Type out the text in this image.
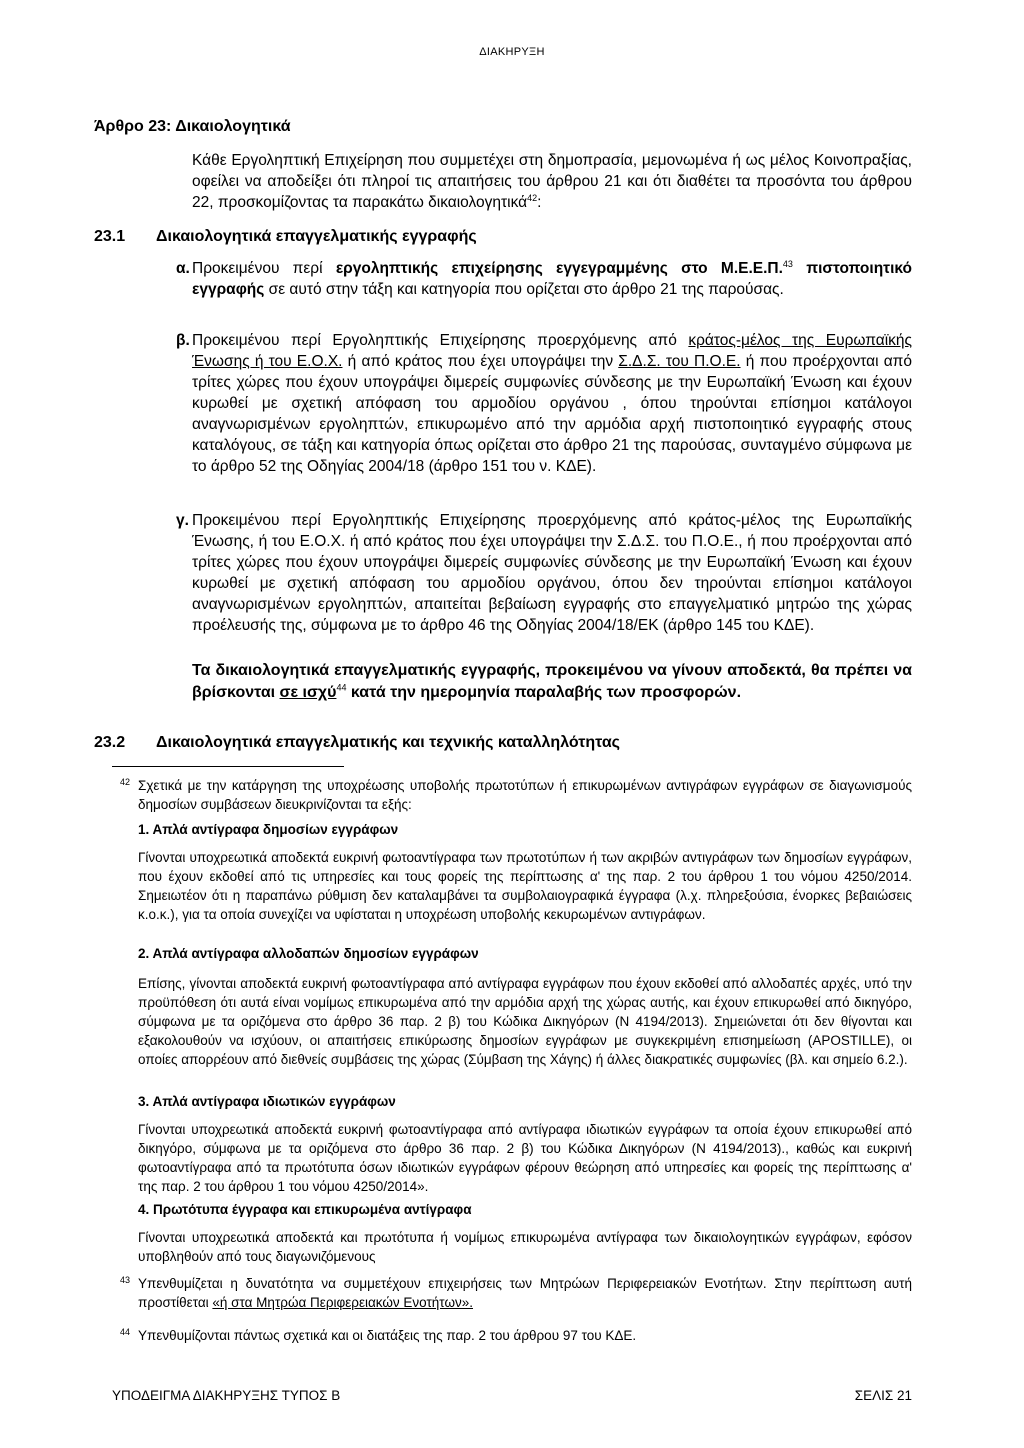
ΔΙΑΚΗΡΥΞΗ
Άρθρο 23: Δικαιολογητικά
Κάθε Εργοληπτική Επιχείρηση που συμμετέχει στη δημοπρασία, μεμονωμένα ή ως μέλος Κοινοπραξίας, οφείλει να αποδείξει ότι πληροί τις απαιτήσεις του άρθρου 21 και ότι διαθέτει τα προσόντα του άρθρου 22, προσκομίζοντας τα παρακάτω δικαιολογητικά$^{42}$:
23.1 Δικαιολογητικά επαγγελματικής εγγραφής
α. Προκειμένου περί εργοληπτικής επιχείρησης εγγεγραμμένης στο Μ.Ε.Ε.Π.$^{43}$ πιστοποιητικό εγγραφής σε αυτό στην τάξη και κατηγορία που ορίζεται στο άρθρο 21 της παρούσας.
β. Προκειμένου περί Εργοληπτικής Επιχείρησης προερχόμενης από κράτος-μέλος της Ευρωπαϊκής Ένωσης ή του Ε.Ο.Χ. ή από κράτος που έχει υπογράψει την Σ.Δ.Σ. του Π.Ο.Ε. ή που προέρχονται από τρίτες χώρες που έχουν υπογράψει διμερείς συμφωνίες σύνδεσης με την Ευρωπαϊκή Ένωση και έχουν κυρωθεί με σχετική απόφαση του αρμοδίου οργάνου , όπου τηρούνται επίσημοι κατάλογοι αναγνωρισμένων εργοληπτών, επικυρωμένο από την αρμόδια αρχή πιστοποιητικό εγγραφής στους καταλόγους, σε τάξη και κατηγορία όπως ορίζεται στο άρθρο 21 της παρούσας, συνταγμένο σύμφωνα με το άρθρο 52 της Οδηγίας 2004/18 (άρθρο 151 του ν. ΚΔΕ).
γ. Προκειμένου περί Εργοληπτικής Επιχείρησης προερχόμενης από κράτος-μέλος της Ευρωπαϊκής Ένωσης, ή του Ε.Ο.Χ. ή από κράτος που έχει υπογράψει την Σ.Δ.Σ. του Π.Ο.Ε., ή που προέρχονται από τρίτες χώρες που έχουν υπογράψει διμερείς συμφωνίες σύνδεσης με την Ευρωπαϊκή Ένωση και έχουν κυρωθεί με σχετική απόφαση του αρμοδίου οργάνου, όπου δεν τηρούνται επίσημοι κατάλογοι αναγνωρισμένων εργοληπτών, απαιτείται βεβαίωση εγγραφής στο επαγγελματικό μητρώο της χώρας προέλευσής της, σύμφωνα με το άρθρο 46 της Οδηγίας 2004/18/ΕΚ (άρθρο 145 του ΚΔΕ).
Τα δικαιολογητικά επαγγελματικής εγγραφής, προκειμένου να γίνουν αποδεκτά, θα πρέπει να βρίσκονται σε ισχύ$^{44}$ κατά την ημερομηνία παραλαβής των προσφορών.
23.2 Δικαιολογητικά επαγγελματικής και τεχνικής καταλληλότητας
42 Σχετικά με την κατάργηση της υποχρέωσης υποβολής πρωτοτύπων ή επικυρωμένων αντιγράφων εγγράφων σε διαγωνισμούς δημοσίων συμβάσεων διευκρινίζονται τα εξής:
1. Απλά αντίγραφα δημοσίων εγγράφων
Γίνονται υποχρεωτικά αποδεκτά ευκρινή φωτοαντίγραφα των πρωτοτύπων ή των ακριβών αντιγράφων των δημοσίων εγγράφων, που έχουν εκδοθεί από τις υπηρεσίες και τους φορείς της περίπτωσης α' της παρ. 2 του άρθρου 1 του νόμου 4250/2014. Σημειωτέον ότι η παραπάνω ρύθμιση δεν καταλαμβάνει τα συμβολαιογραφικά έγγραφα (λ.χ. πληρεξούσια, ένορκες βεβαιώσεις κ.ο.κ.), για τα οποία συνεχίζει να υφίσταται η υποχρέωση υποβολής κεκυρωμένων αντιγράφων.
2. Απλά αντίγραφα αλλοδαπών δημοσίων εγγράφων
Επίσης, γίνονται αποδεκτά ευκρινή φωτοαντίγραφα από αντίγραφα εγγράφων που έχουν εκδοθεί από αλλοδαπές αρχές, υπό την προϋπόθεση ότι αυτά είναι νομίμως επικυρωμένα από την αρμόδια αρχή της χώρας αυτής, και έχουν επικυρωθεί από δικηγόρο, σύμφωνα με τα οριζόμενα στο άρθρο 36 παρ. 2 β) του Κώδικα Δικηγόρων (Ν 4194/2013). Σημειώνεται ότι δεν θίγονται και εξακολουθούν να ισχύουν, οι απαιτήσεις επικύρωσης δημοσίων εγγράφων με συγκεκριμένη επισημείωση (APOSTILLE), οι οποίες απορρέουν από διεθνείς συμβάσεις της χώρας (Σύμβαση της Χάγης) ή άλλες διακρατικές συμφωνίες (βλ. και σημείο 6.2.).
3. Απλά αντίγραφα ιδιωτικών εγγράφων
Γίνονται υποχρεωτικά αποδεκτά ευκρινή φωτοαντίγραφα από αντίγραφα ιδιωτικών εγγράφων τα οποία έχουν επικυρωθεί από δικηγόρο, σύμφωνα με τα οριζόμενα στο άρθρο 36 παρ. 2 β) του Κώδικα Δικηγόρων (Ν 4194/2013)., καθώς και ευκρινή φωτοαντίγραφα από τα πρωτότυπα όσων ιδιωτικών εγγράφων φέρουν θεώρηση από υπηρεσίες και φορείς της περίπτωσης α' της παρ. 2 του άρθρου 1 του νόμου 4250/2014».
4. Πρωτότυπα έγγραφα και επικυρωμένα αντίγραφα
Γίνονται υποχρεωτικά αποδεκτά και πρωτότυπα ή νομίμως επικυρωμένα αντίγραφα των δικαιολογητικών εγγράφων, εφόσον υποβληθούν από τους διαγωνιζόμενους
43 Υπενθυμίζεται η δυνατότητα να συμμετέχουν επιχειρήσεις των Μητρώων Περιφερειακών Ενοτήτων. Στην περίπτωση αυτή προστίθεται «ή στα Μητρώα Περιφερειακών Ενοτήτων».
44 Υπενθυμίζονται πάντως σχετικά και οι διατάξεις της παρ. 2 του άρθρου 97 του ΚΔΕ.
ΥΠΟΔΕΙΓΜΑ ΔΙΑΚΗΡΥΞΗΣ ΤΥΠΟΣ Β	ΣΕΛΙΣ 21
